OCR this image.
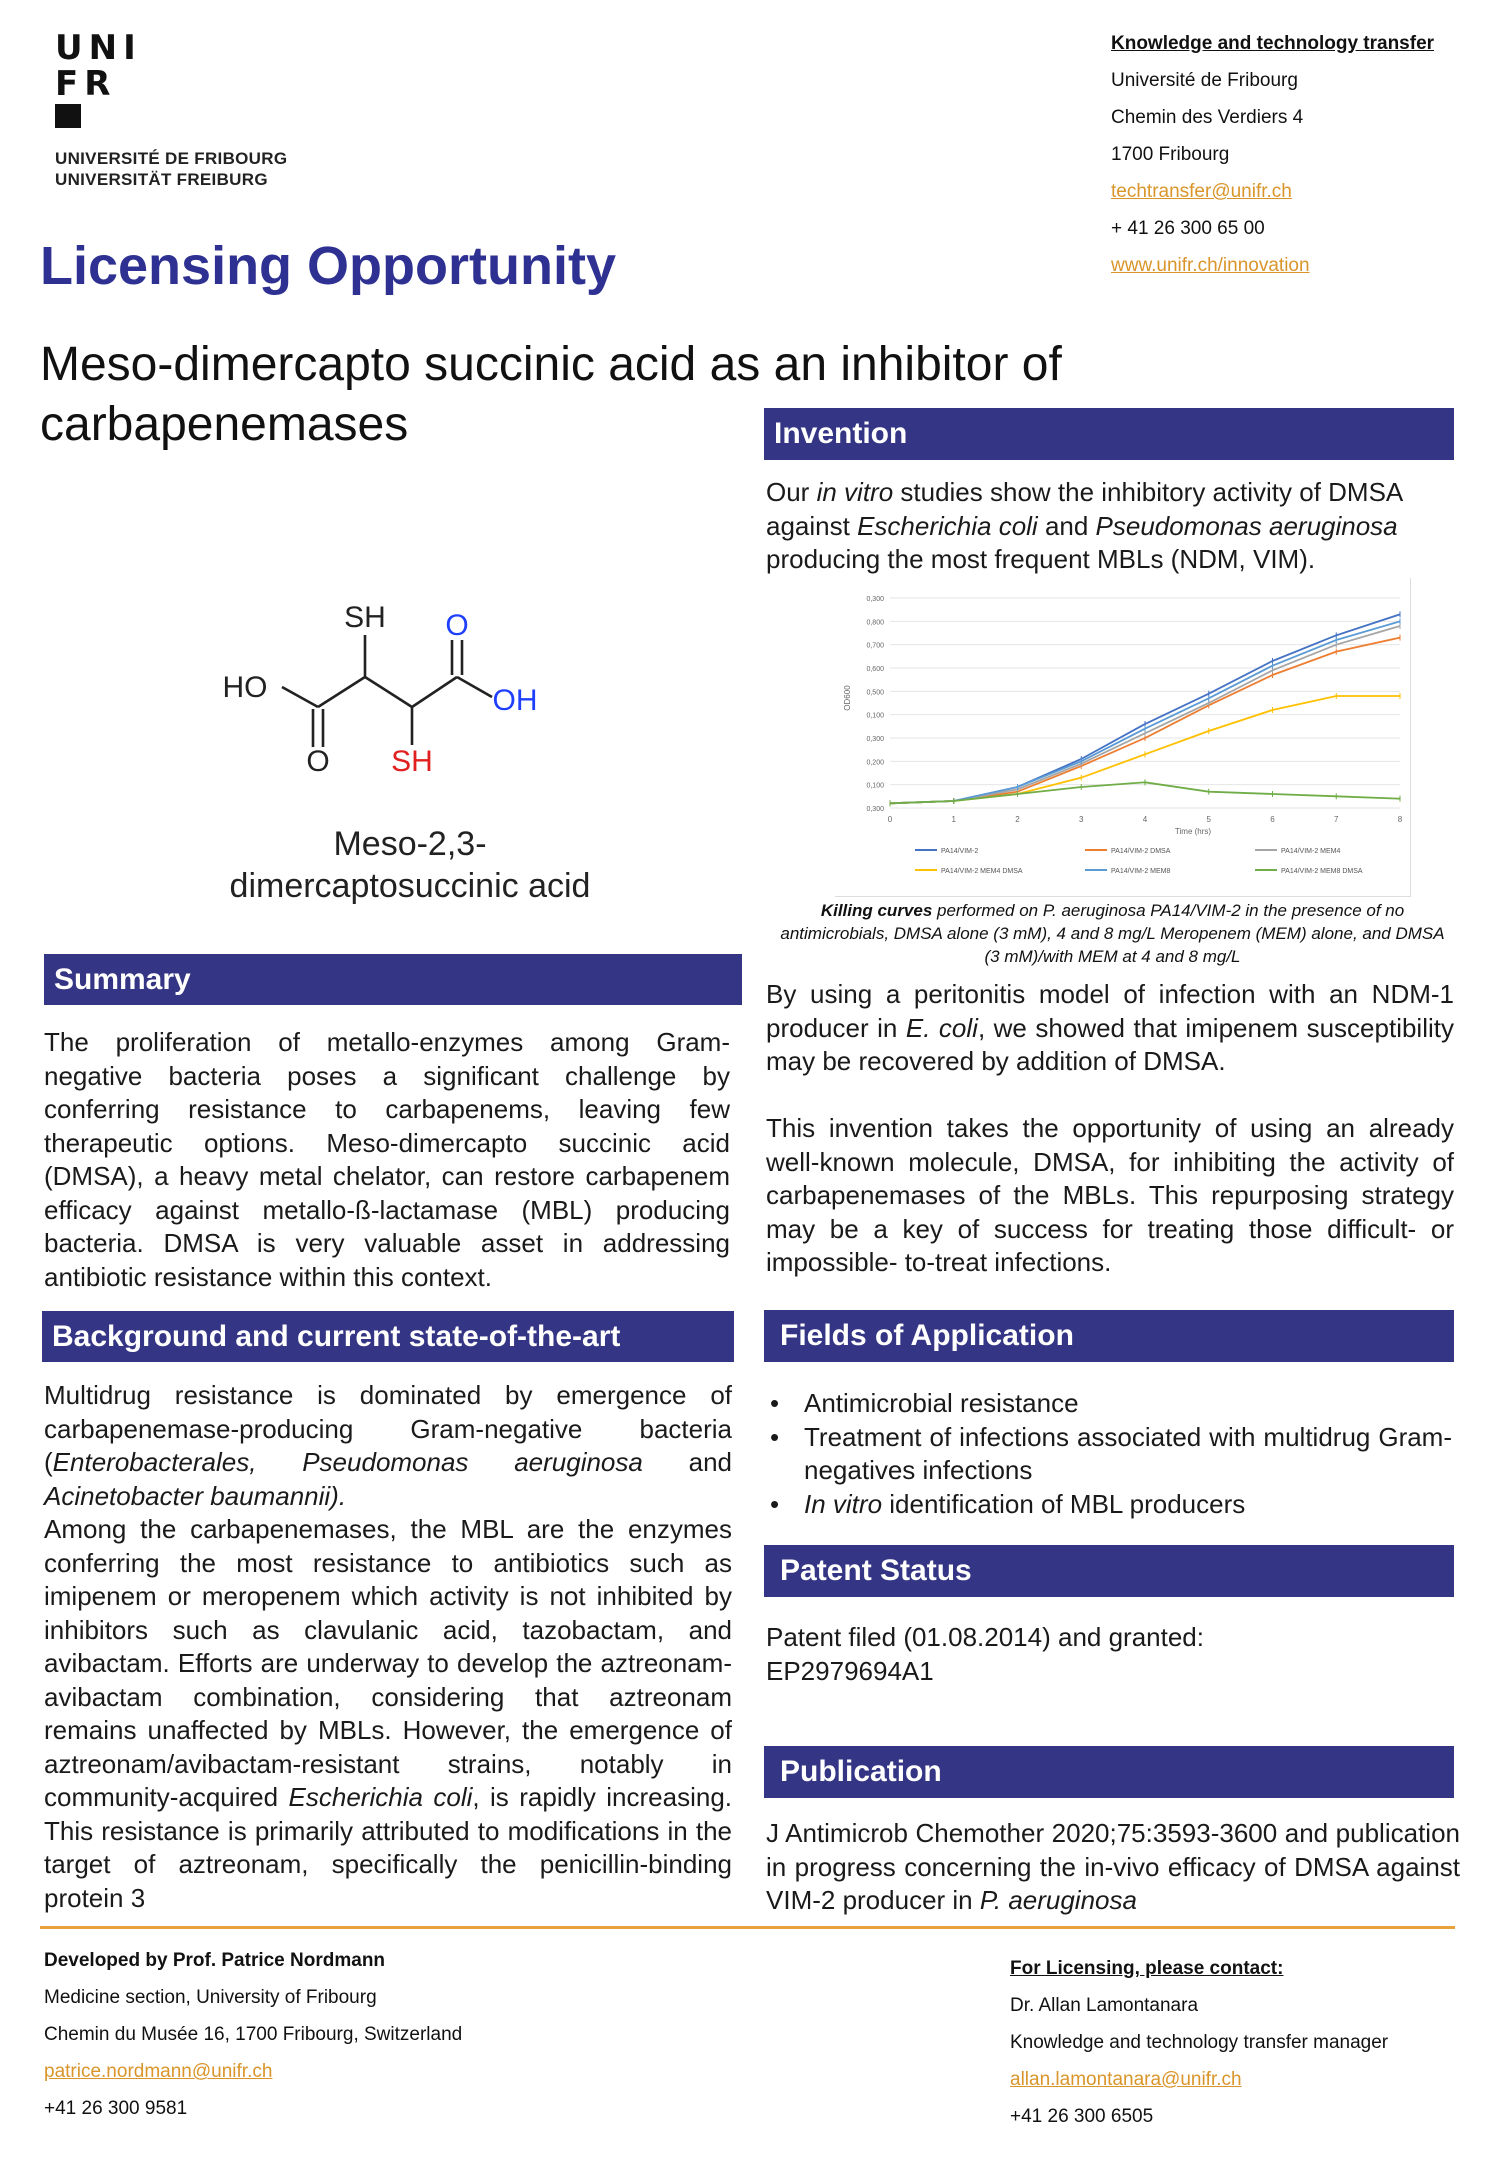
UNI
FR
UNIVERSITÉ DE FRIBOURG
UNIVERSITÄT FREIBURG
Knowledge and technology transfer
Université de Fribourg
Chemin des Verdiers 4
1700 Fribourg
techtransfer@unifr.ch
+ 41 26 300 65 00
www.unifr.ch/innovation
Licensing Opportunity
Meso-dimercapto succinic acid as an inhibitor of carbapenemases
SH
HO
O
OH
O SH
Meso-2,3-
dimercaptosuccinic acid
Summary
The proliferation of metallo-enzymes among Gram-negative bacteria poses a significant challenge by conferring resistance to carbapenems, leaving few therapeutic options. Meso-dimercapto succinic acid (DMSA), a heavy metal chelator, can restore carbapenem efficacy against metallo-ß-lactamase (MBL) producing bacteria. DMSA is very valuable asset in addressing antibiotic resistance within this context.
Background and current state-of-the-art
Multidrug resistance is dominated by emergence of carbapenemase-producing Gram-negative bacteria (Enterobacterales, Pseudomonas aeruginosa and Acinetobacter baumannii).
Among the carbapenemases, the MBL are the enzymes conferring the most resistance to antibiotics such as imipenem or meropenem which activity is not inhibited by inhibitors such as clavulanic acid, tazobactam, and avibactam. Efforts are underway to develop the aztreonam-avibactam combination, considering that aztreonam remains unaffected by MBLs. However, the emergence of aztreonam/avibactam-resistant strains, notably in community-acquired Escherichia coli, is rapidly increasing. This resistance is primarily attributed to modifications in the target of aztreonam, specifically the penicillin-binding protein 3
Invention
Our in vitro studies show the inhibitory activity of DMSA against Escherichia coli and Pseudomonas aeruginosa producing the most frequent MBLs (NDM, VIM).
0,300
0,100
0,200
0,300
0,100
0,500
0,600
0,700
0,800
0,300
0	1	2	3	4	5	6	7	8
OD600
Time (hrs)
PA14/VIM-2	PA14/VIM-2 DMSA	PA14/VIM-2 MEM4
PA14/VIM-2 MEM4 DMSA	PA14/VIM-2 MEM8	PA14/VIM-2 MEM8 DMSA
Killing curves performed on P. aeruginosa PA14/VIM-2 in the presence of no antimicrobials, DMSA alone (3 mM), 4 and 8 mg/L Meropenem (MEM) alone, and DMSA (3 mM)/with MEM at 4 and 8 mg/L
By using a peritonitis model of infection with an NDM-1 producer in E. coli, we showed that imipenem susceptibility may be recovered by addition of DMSA.
This invention takes the opportunity of using an already well-known molecule, DMSA, for inhibiting the activity of carbapenemases of the MBLs. This repurposing strategy may be a key of success for treating those difficult- or impossible- to-treat infections.
Fields of Application
• Antimicrobial resistance
• Treatment of infections associated with multidrug Gram-negatives infections
• In vitro identification of MBL producers
Patent Status
Patent filed (01.08.2014) and granted:
EP2979694A1
Publication
J Antimicrob Chemother 2020;75:3593-3600 and publication in progress concerning the in-vivo efficacy of DMSA against VIM-2 producer in P. aeruginosa
Developed by Prof. Patrice Nordmann
Medicine section, University of Fribourg
Chemin du Musée 16, 1700 Fribourg, Switzerland
patrice.nordmann@unifr.ch
+41 26 300 9581
For Licensing, please contact:
Dr. Allan Lamontanara
Knowledge and technology transfer manager
allan.lamontanara@unifr.ch
+41 26 300 6505
